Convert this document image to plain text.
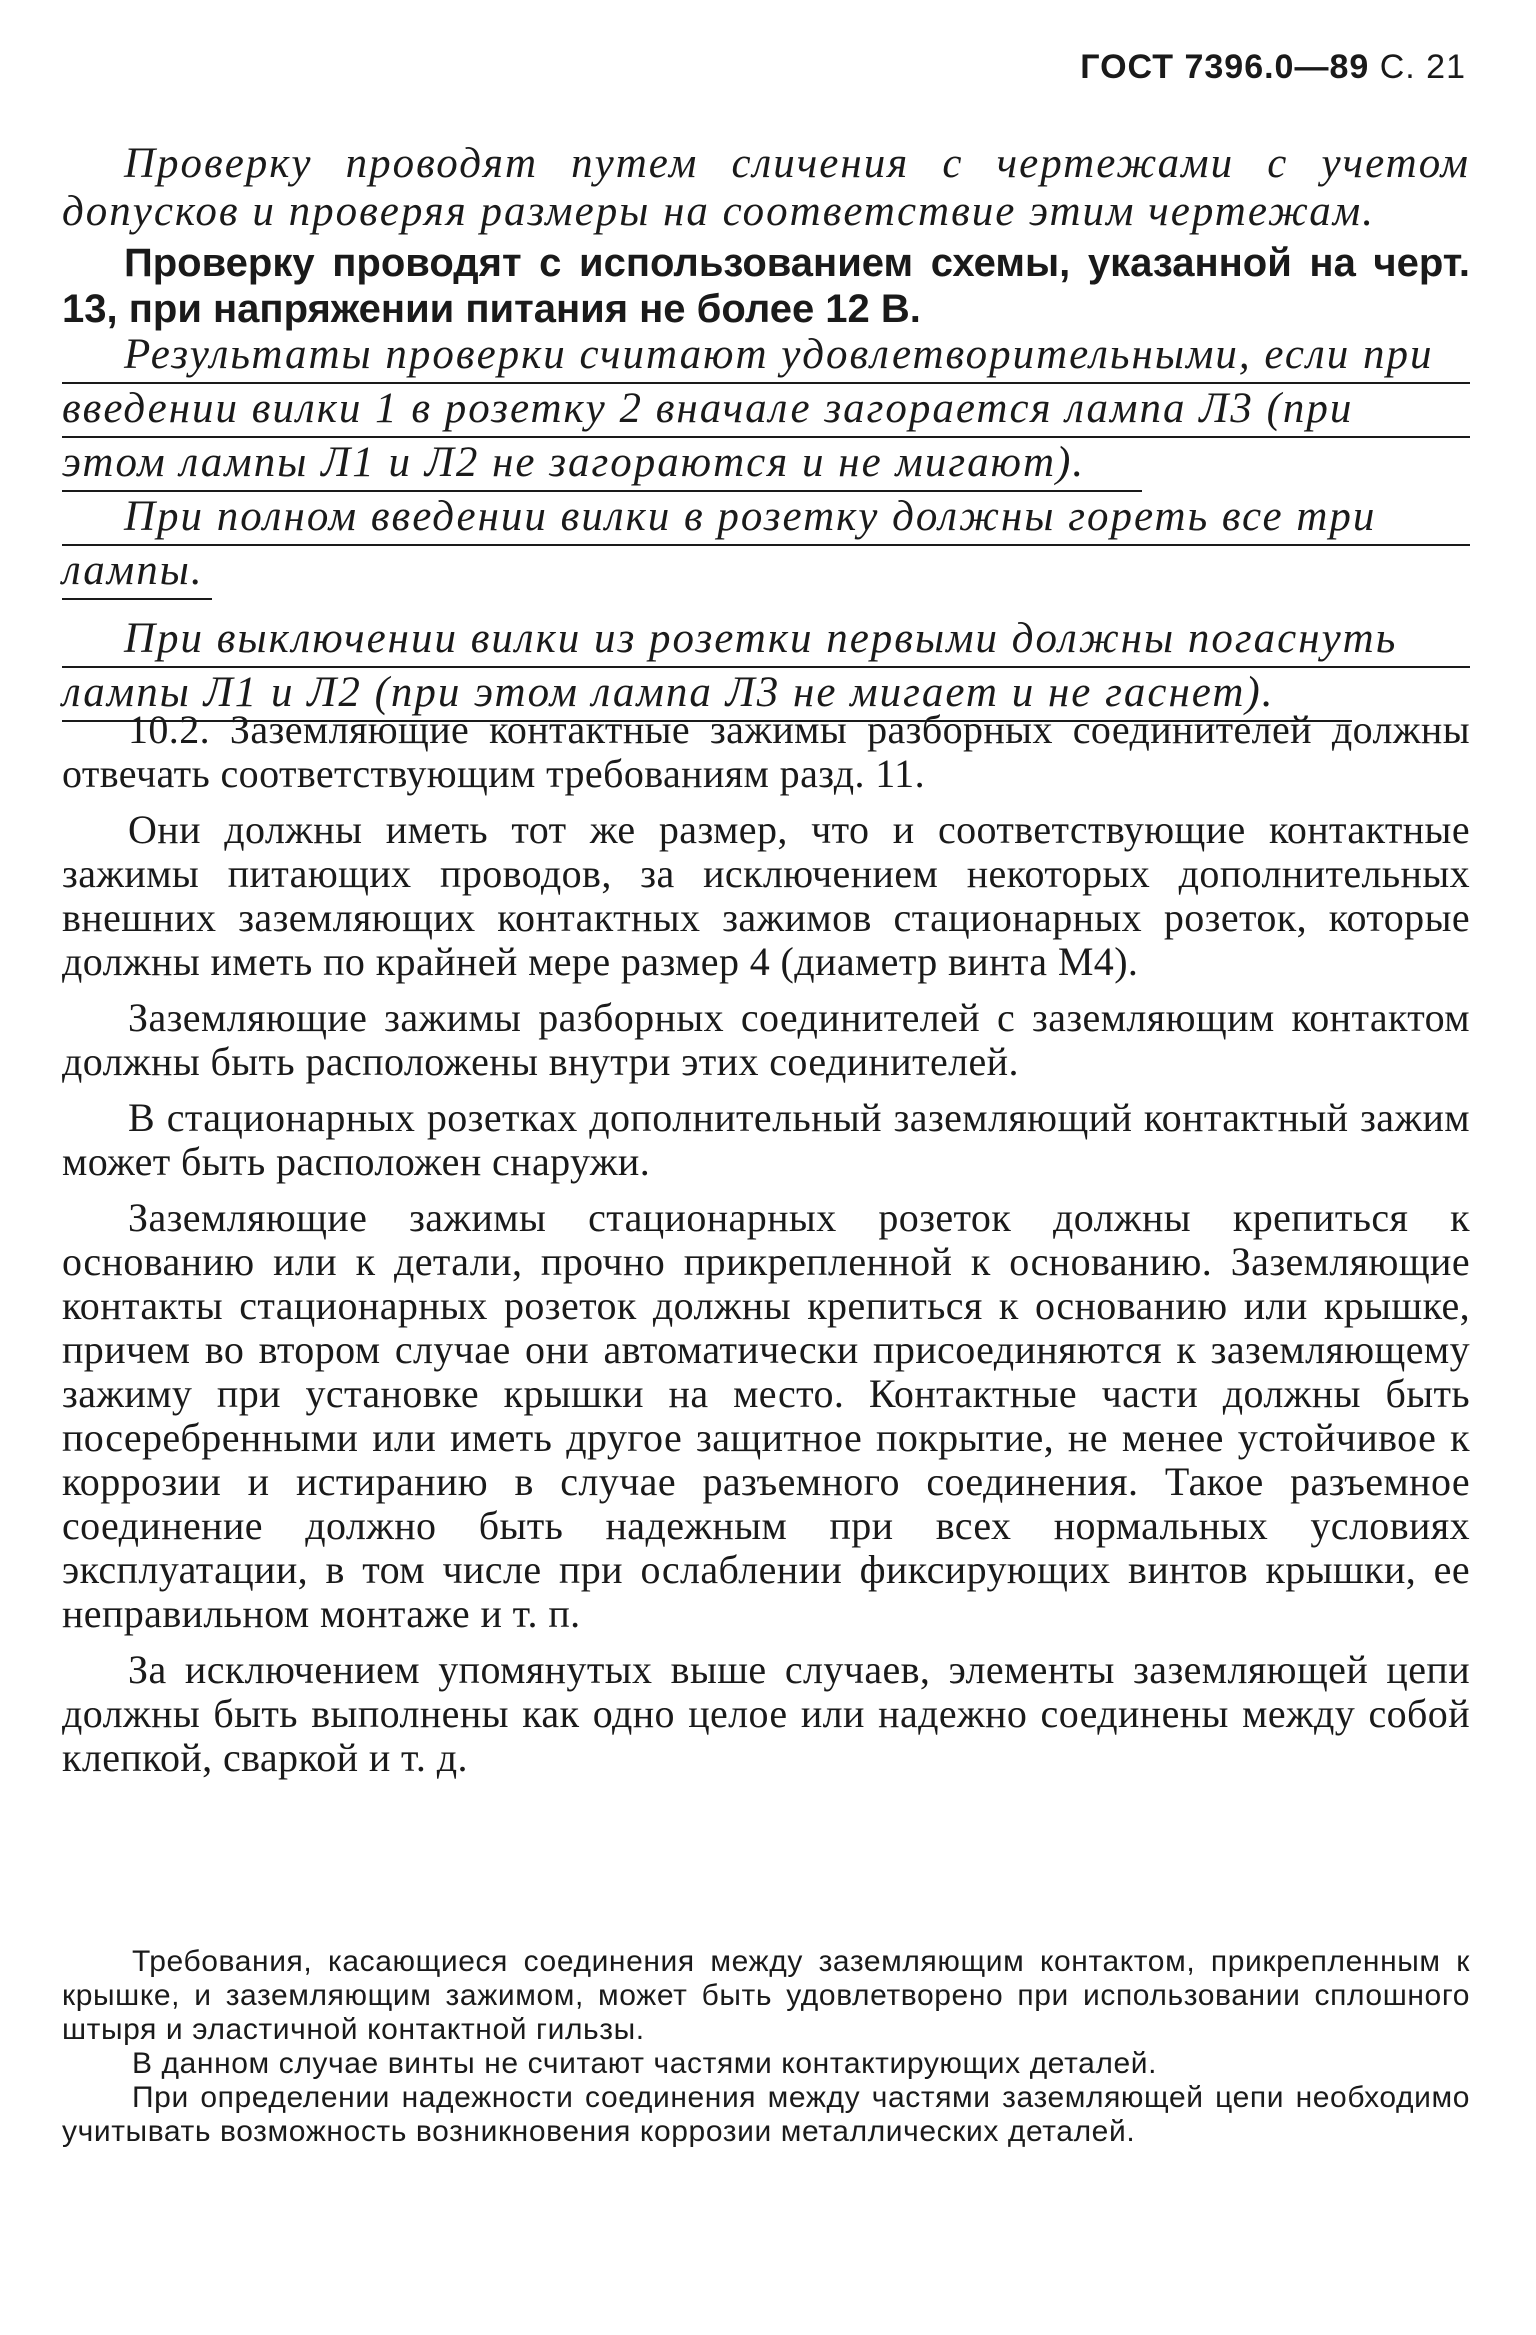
ГОСТ 7396.0—89 С. 21
Проверку проводят путем сличения с чертежами с учетом допусков и проверяя размеры на соответствие этим чертежам.
Проверку проводят с использованием схемы, указанной на черт. 13, при напряжении питания не более 12 В.
Результаты проверки считают удовлетворительными, если при
введении вилки 1 в розетку 2 вначале загорается лампа Л3 (при
этом лампы Л1 и Л2 не загораются и не мигают).
При полном введении вилки в розетку должны гореть все три
лампы.
При выключении вилки из розетки первыми должны погаснуть
лампы Л1 и Л2 (при этом лампа Л3 не мигает и не гаснет).

10.2. Заземляющие контактные зажимы разборных соединителей должны отвечать соответствующим требованиям разд. 11.

Они должны иметь тот же размер, что и соответствующие контактные зажимы питающих проводов, за исключением некоторых дополнительных внешних заземляющих контактных зажимов стационарных розеток, которые должны иметь по крайней мере размер 4 (диаметр винта М4).

Заземляющие зажимы разборных соединителей с заземляющим контактом должны быть расположены внутри этих соединителей.

В стационарных розетках дополнительный заземляющий контактный зажим может быть расположен снаружи.

Заземляющие зажимы стационарных розеток должны крепиться к основанию или к детали, прочно прикрепленной к основанию. Заземляющие контакты стационарных розеток должны крепиться к основанию или крышке, причем во втором случае они автоматически присоединяются к заземляющему зажиму при установке крышки на место. Контактные части должны быть посеребренными или иметь другое защитное покрытие, не менее устойчивое к коррозии и истиранию в случае разъемного соединения. Такое разъемное соединение должно быть надежным при всех нормальных условиях эксплуатации, в том числе при ослаблении фиксирующих винтов крышки, ее неправильном монтаже и т. п.

За исключением упомянутых выше случаев, элементы заземляющей цепи должны быть выполнены как одно целое или надежно соединены между собой клепкой, сваркой и т. д.

Требования, касающиеся соединения между заземляющим контактом, прикрепленным к крышке, и заземляющим зажимом, может быть удовлетворено при использовании сплошного штыря и эластичной контактной гильзы.

В данном случае винты не считают частями контактирующих деталей.

При определении надежности соединения между частями заземляющей цепи необходимо учитывать возможность возникновения коррозии металлических деталей.
